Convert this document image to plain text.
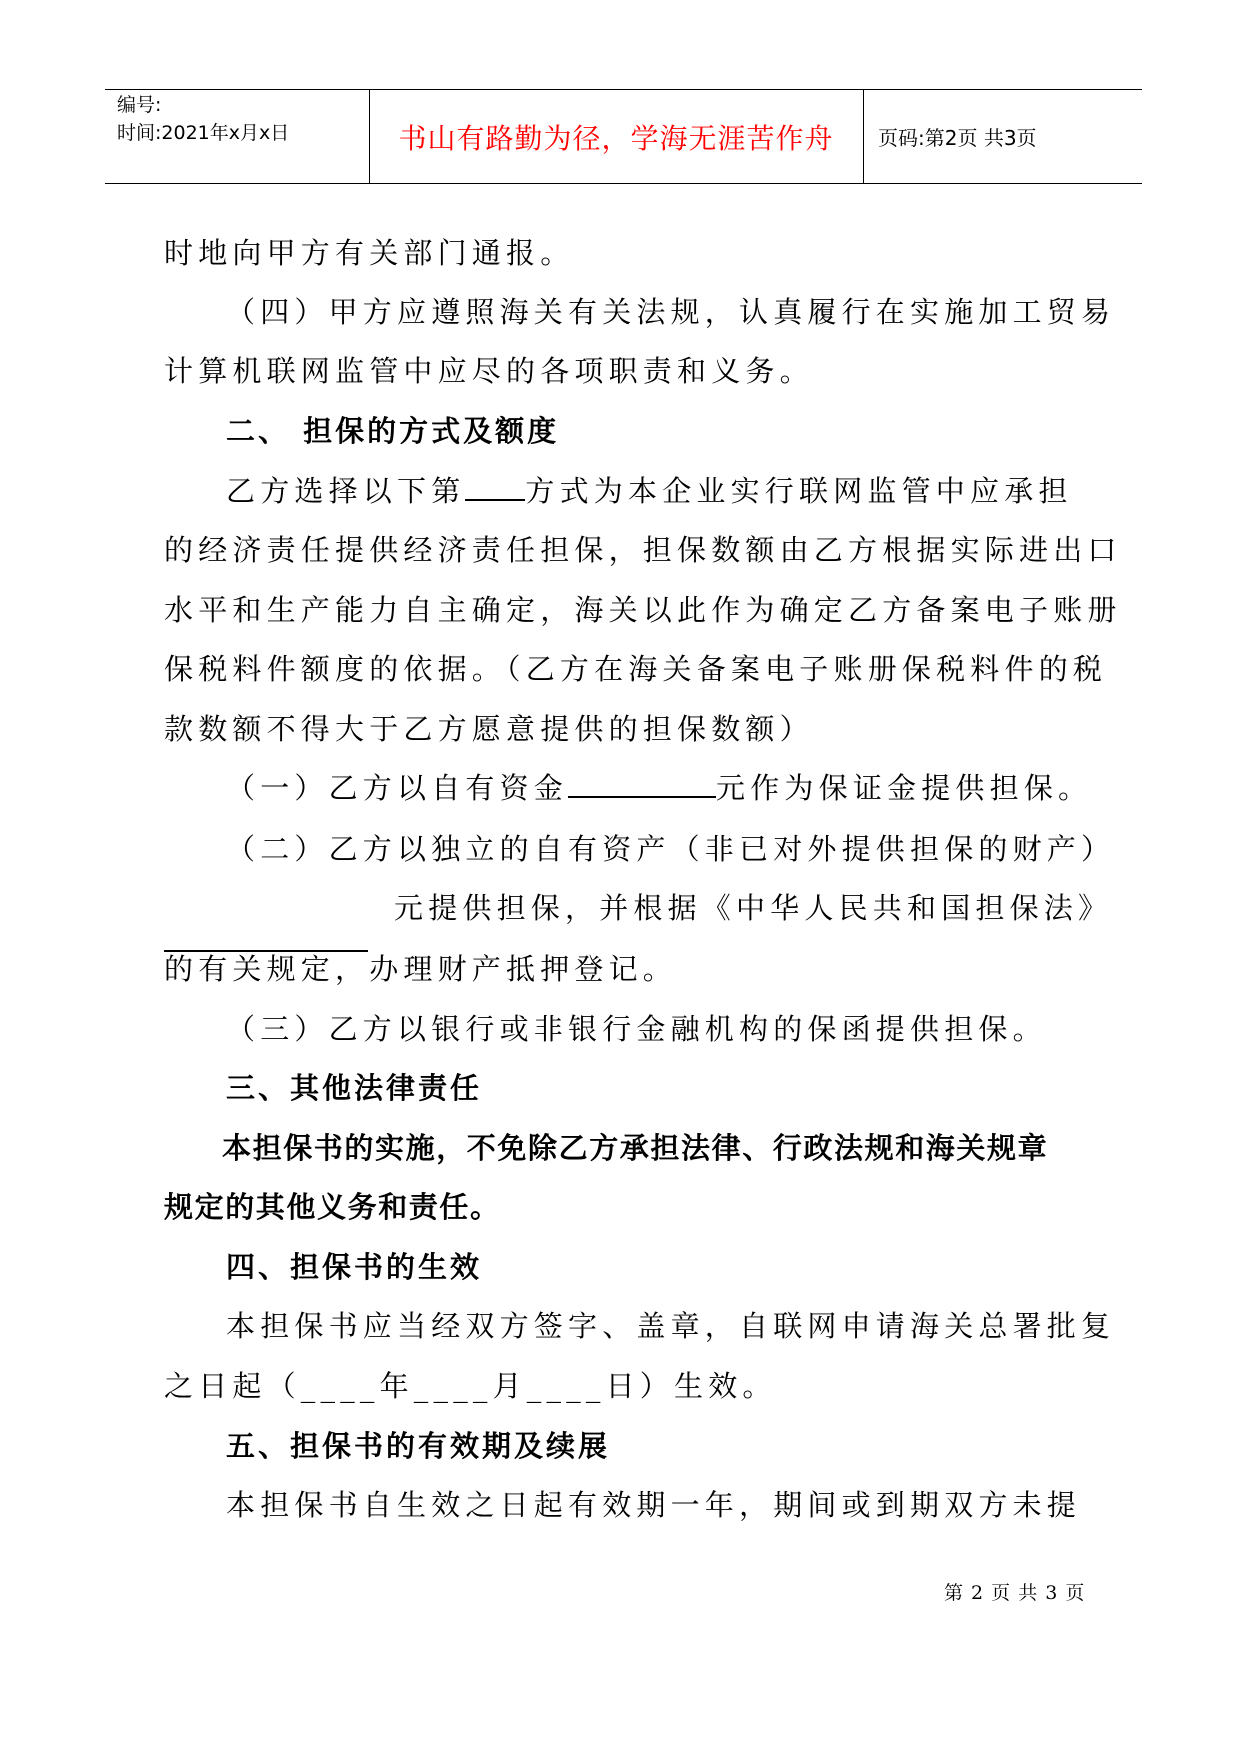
编号:
时间:2021年x月x日	书山有路勤为径，学海无涯苦作舟 页码:第2页 共3页
时地向甲方有关部门通报。
（四）甲方应遵照海关有关法规，认真履行在实施加工贸易
计算机联网监管中应尽的各项职责和义务。
二、 担保的方式及额度
乙方选择以下第 方式为本企业实行联网监管中应承担
的经济责任提供经济责任担保，担保数额由乙方根据实际进出口
水平和生产能力自主确定，海关以此作为确定乙方备案电子账册
保税料件额度的依据。（乙方在海关备案电子账册保税料件的税
款数额不得大于乙方愿意提供的担保数额）
（一）乙方以自有资金	元作为保证金提供担保。
（二）乙方以独立的自有资产（非已对外提供担保的财产）
元提供担保，并根据《中华人民共和国担保法》
的有关规定，办理财产抵押登记。
（三）乙方以银行或非银行金融机构的保函提供担保。
三、其他法律责任
本担保书的实施，不免除乙方承担法律、行政法规和海关规章
规定的其他义务和责任。
四、担保书的生效
本担保书应当经双方签字、盖章，自联网申请海关总署批复
之日起（____年____月____日）生效。
五、担保书的有效期及续展
本担保书自生效之日起有效期一年，期间或到期双方未提
第 2 页 共 3 页
